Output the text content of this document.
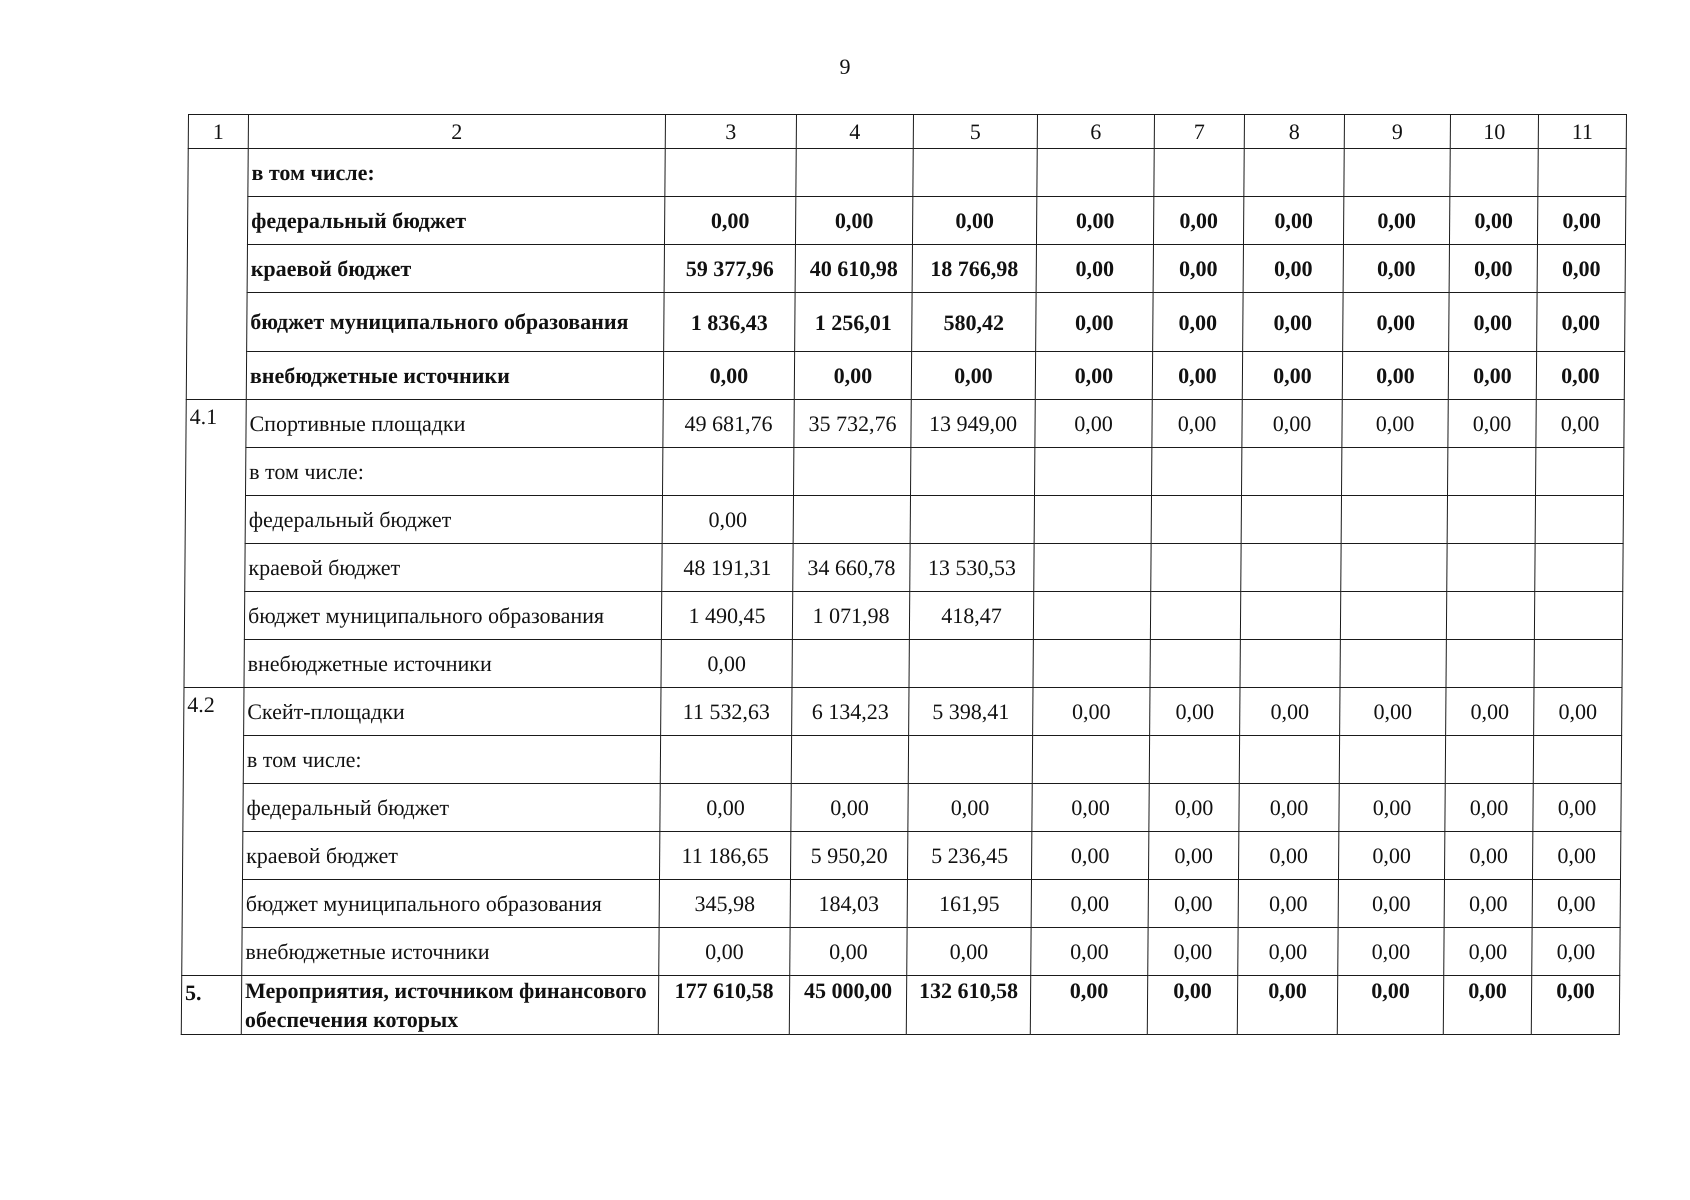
9
1	2	3	4	5	6	7	8	9	10	11
	в том числе:									
	федеральный бюджет	0,00	0,00	0,00	0,00	0,00	0,00	0,00	0,00	0,00
	краевой бюджет	59 377,96	40 610,98	18 766,98	0,00	0,00	0,00	0,00	0,00	0,00
	бюджет муниципального образования	1 836,43	1 256,01	580,42	0,00	0,00	0,00	0,00	0,00	0,00
	внебюджетные источники	0,00	0,00	0,00	0,00	0,00	0,00	0,00	0,00	0,00
4.1	Спортивные площадки	49 681,76	35 732,76	13 949,00	0,00	0,00	0,00	0,00	0,00	0,00
	в том числе:									
	федеральный бюджет	0,00								
	краевой бюджет	48 191,31	34 660,78	13 530,53						
	бюджет муниципального образования	1 490,45	1 071,98	418,47						
	внебюджетные источники	0,00								
4.2	Скейт-площадки	11 532,63	6 134,23	5 398,41	0,00	0,00	0,00	0,00	0,00	0,00
	в том числе:									
	федеральный бюджет	0,00	0,00	0,00	0,00	0,00	0,00	0,00	0,00	0,00
	краевой бюджет	11 186,65	5 950,20	5 236,45	0,00	0,00	0,00	0,00	0,00	0,00
	бюджет муниципального образования	345,98	184,03	161,95	0,00	0,00	0,00	0,00	0,00	0,00
	внебюджетные источники	0,00	0,00	0,00	0,00	0,00	0,00	0,00	0,00	0,00
5.	Мероприятия, источником финансового обеспечения которых	177 610,58	45 000,00	132 610,58	0,00	0,00	0,00	0,00	0,00	0,00
